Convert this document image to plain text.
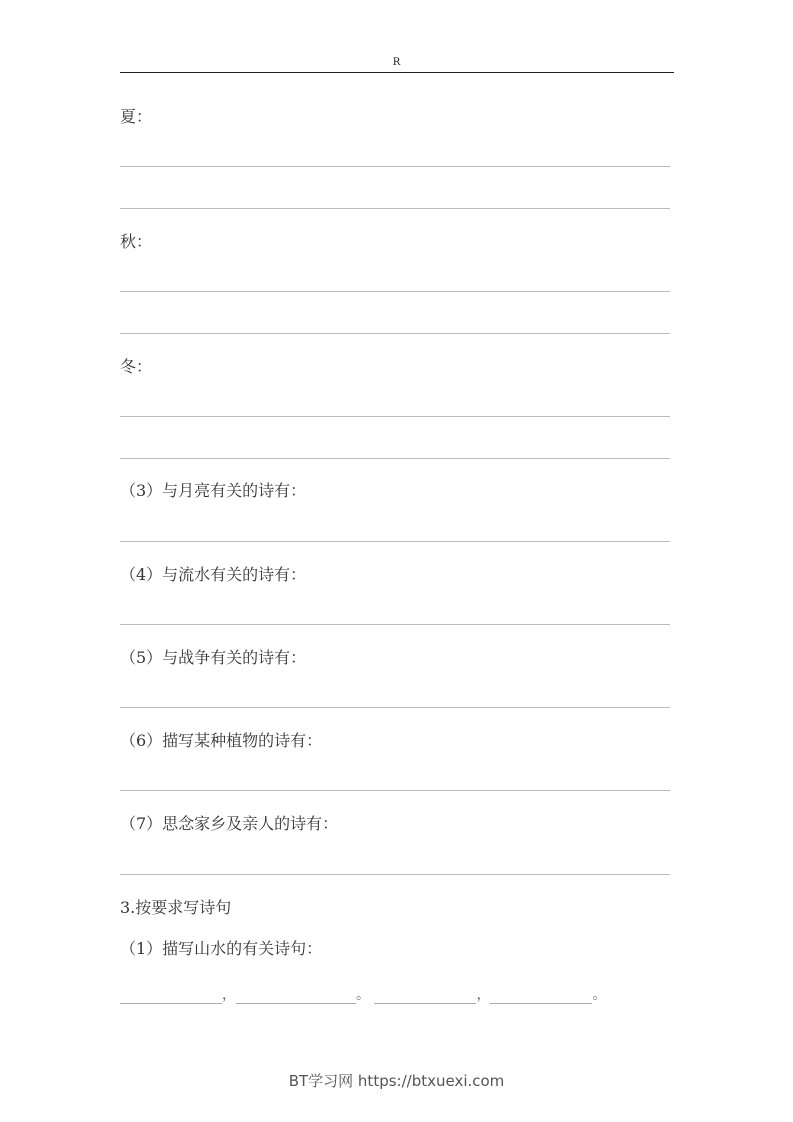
R
夏：
秋：
冬：
（3）与月亮有关的诗有：
（4）与流水有关的诗有：
（5）与战争有关的诗有：
（6）描写某种植物的诗有：
（7）思念家乡及亲人的诗有：
3.按要求写诗句
（1）描写山水的有关诗句：
，	。	，	。
BT学习网 https://btxuexi.com
